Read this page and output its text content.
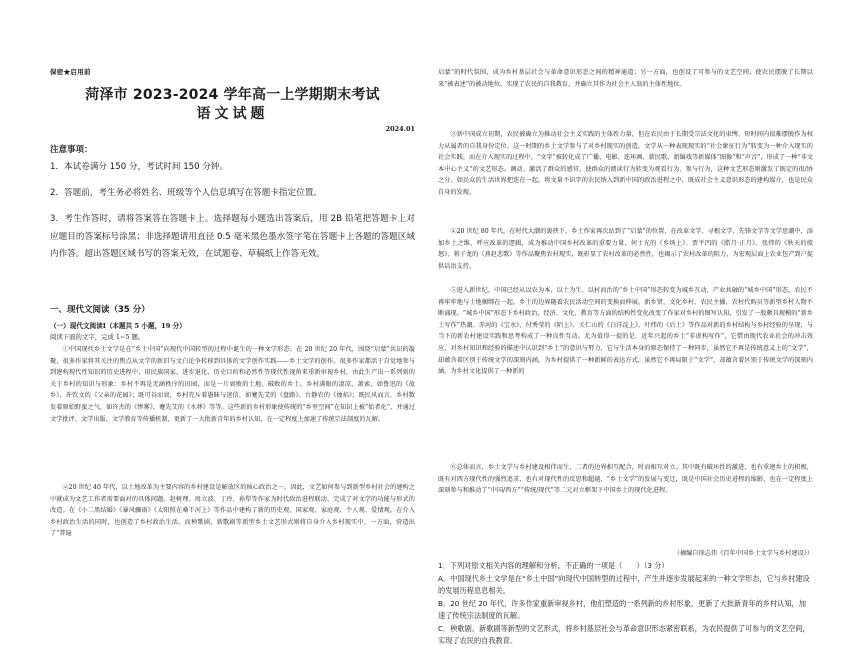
保密★启用前
菏泽市 2023-2024 学年高一上学期期末考试
语文试题
2024.01
注意事项：
1．本试卷满分 150 分，考试时间 150 分钟。
2．答题前，考生务必将姓名、班级等个人信息填写在答题卡指定位置。
3．考生作答时，请将答案答在答题卡上。选择题每小题选出答案后，用 2B 铅笔把答题卡上对应题目的答案标号涂黑；非选择题请用直径 0.5 毫米黑色墨水签字笔在答题卡上各题的答题区域内作答。超出答题区域书写的答案无效，在试题卷、草稿纸上作答无效。
一、现代文阅读（35 分）
（一）现代文阅读Ⅰ（本题共 5 小题，19 分）
阅读下面的文字，完成 1~5 题。
①中国现代乡土文学是在“乡土中国”向现代中国转型的过程中诞生的一种文学形态。在 20 世纪 20 年代，围绕“启蒙”共识的凝聚，很多作家将其关注的焦点从文学的新旧与文白论争转移到具体的文学创作实践——乡土文学的创作。很多作家都活于自觉地参与到建构现代性知识的历史进程中，用民族国家、进步退化、历史目的和必然性等现代性视角来重新审视乡村，由此生产出一系列新的关于乡村的知识与形象：乡村不再是无涵秩序的田园，而是一片衰败的土地、破败的乡土。乡村满眼的凄凉、萧索，如鲁迅的《故乡》，许钦文的《父亲的花园》；既可谷而衰，乡村充斥着愚昧与迷信，如蹇先艾的《盘路》、台静农的《烛焰》；既民风而言，乡村数发着原始野蛮之气，如许杰的《惨雾》、蹇先艾的《水葬》等等。这些新的乡村形象使传统的“乡里空间”在知识上被“始者化”，并通过文学批评、文学出版、文学教育等传播机制，更新了一大批新青年的乡村认知，在一定程度上加速了传统宗法制度的瓦解。
②20 世纪 40 年代，以土地改革为主要内容的乡村建设是解放区的核心政治之一。因此，文艺如何参与到新型乡村社会的建构之中就成为文艺工作者需要面对的具体问题。赵树理、周立波、丁玲、孙犁等作家为时代政治进程联动，完成了对文学的功能与形式的改造。在《小二黑结婚》《暴风骤雨》《太阳照在桑干河上》等作品中建构了新的历史观、国家观、家庭观、个人观、爱情观。在介入乡村政治生活的同时，也创造了乡村政治生活。而秧歌剧、新歌剧等新型乡土文艺形式则将自身介入乡村现实中，一方面，营造出了“普遍
启蒙”的时代氛围，成为乡村基层社会与革命意识形态之间的精神通道；另一方面，也创设了可参与的文艺空间，使农民摆脱了长期以来“被表述”的被动地位，实现了农民的自我教育，并确立其作为社会主人翁的主体性地位。
③新中国成立初期，农民被确立为推动社会主义实践的主体性力量，但在农民由于长期受宗法文化的束缚，短时间内很难摆脱作为权力从属者的自我身份定位。这一时期的乡土文学参与了对乡村现实的创造，文学从一种表现现实的“社会象征行为”转变为一种介入现实的社会实践。而在介入现实的过程中，“文字”被转化成了广播、电影、连环画、新民歌、新编戏等新媒体“图像”和“声音”，形成了一种“非文本中心主义”的文艺形态。调动、激活了群众的感官，使群众的阅读行为转变为观看行为、参与行为，这种文艺形态则激发了既定的很/协之分。如民众的生活世界把连在一起，将文量不识字的农民纳入到新中国的政治进程之中，既成社会主义意识形态的建构媒介，也是民众自身的发现。
④20 世纪 80 年代，在时代大潮的裹挟下，乡土作家再次站到了“启蒙”的位置，在改革文学、寻根文学、先锋文学等文学思潮中，添加乡土之维，呼应改革的逻辑，成为推动中国乡村改革的重要力量，何士光的《乡场上》、贾平凹的《腊月·正月》、张炜的《秋天的愤怒》、蒋子龙的《燕赵悲歌》等作品聚焦农村现实，既彰显了农村改革的必然性，也揭示了农村改革的阻力，为宏观层面上农业包产到户提供话语支持。
⑤进入新世纪，中国已经从以农为本、以土为生、以村而治的“乡土中国”形态转变为城乡互动、产业共融的“城乡中国”形态，农民不再牢牢地与土地捆绑在一起，乡土的边界随着农民活动空间的变换而伸展，新乡贤、文化乡村、农民主播、农村代购员等新型乡村人物不断涌现。“城乡中国”形态下乡村政治、经济、文化、教育等方面的结构性变化改变了作家对乡村的图写认知，引发了一股颇具规模的“新乡土写作”热潮。赤河的《宝水》、付秀莹的《陌上》、关仁山的《白洋淀上》、叶炜的《后土》等作品对新的乡村结构与乡村经验的呈现，与当下的新农村建设实践和思考构成了一种良性互动。尤为值得一提的是，近年兴起的乡土“非虚构写作”，它借由现代农业社会的冲击效应，对乡村知识和经验的描述中认识到“乡土”的意识与努力，它与生活本身的原态保持了一种同步，虽然它不再是传统意义上的“文学”，却蕴含着区别于传统文学的深刻内涵，为乡村提供了一种新鲜的表达方式，虽然它不再局限于“文学”，却蕴含着区别于传统文学的深刻内涵，为乡村文化提供了一种新的
⑥总体而言，乡土文学与乡村建设相伴而生，二者的边界相互配合，时而相互对立。其中既有破坏性的激进，也有重建乡土的积极，既有对西方现代性的强烈追求，也有对现代性的反思和超越，“乡土文学”的发展与变迁，既是中国社会历史进程的缩影，也在一定程度上深刻参与和推动了“中国/西方”“传统/现代”等二元对立框架下中国乡土的现代化进程。
（摘编自徐志伟《百年中国乡土文学与乡村建设》）
1．下列对原文相关内容的理解和分析，不正确的一项是（　　）（3 分）
A．中国现代乡土文学是在“乡土中国”向现代中国转型的过程中，产生并逐步发展起来的一种文学形态，它与乡村建设的发展历程息息相关。
B．20 世纪 20 年代，许多作家重新审视乡村，他们塑造的一系列新的乡村形象，更新了大批新青年的乡村认知，加速了传统宗法制度的瓦解。
C．秧歌剧、新歌剧等新型的文艺形式，将乡村基层社会与革命意识形态紧密联系，为农民提供了可参与的文艺空间，实现了农民的自我教育。
